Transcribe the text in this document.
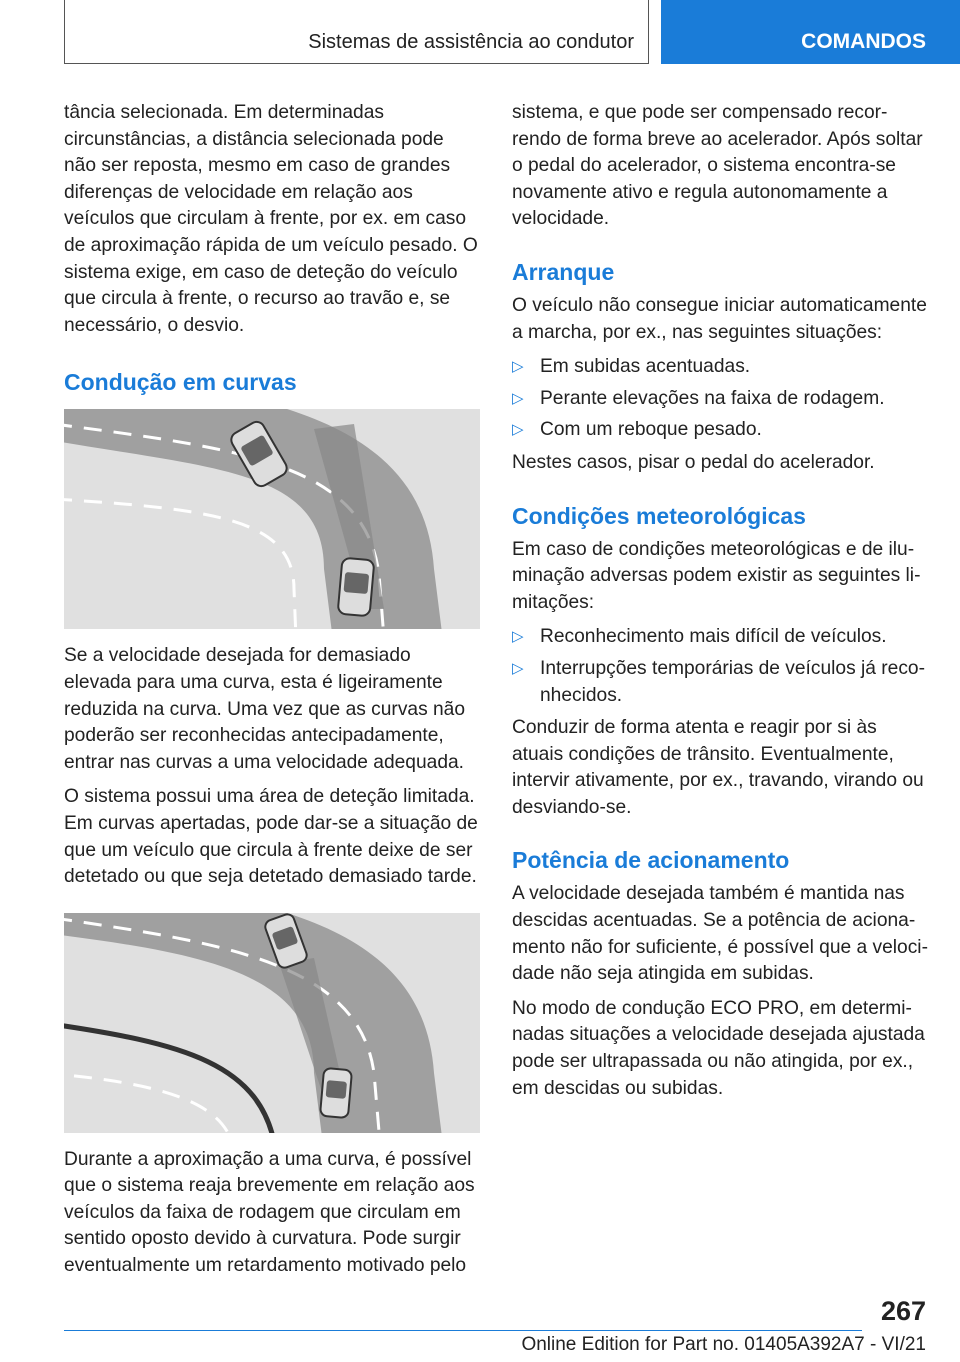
Sistemas de assistência ao condutor	COMANDOS

tância selecionada. Em determinadas circunstâncias, a distância selecionada pode não ser reposta, mesmo em caso de grandes diferenças de velocidade em relação aos veículos que circulam à frente, por ex. em caso de aproximação rápida de um veículo pesado. O sistema exige, em caso de deteção do veículo que circula à frente, o recurso ao travão e, se necessário, o desvio.

Condução em curvas

Se a velocidade desejada for demasiado elevada para uma curva, esta é ligeiramente reduzida na curva. Uma vez que as curvas não poderão ser reconhecidas antecipadamente, entrar nas curvas a uma velocidade adequada.

O sistema possui uma área de deteção limitada. Em curvas apertadas, pode dar-se a situação de que um veículo que circula à frente deixe de ser detetado ou que seja detetado demasiado tarde.

Durante a aproximação a uma curva, é possível que o sistema reaja brevemente em relação aos veículos da faixa de rodagem que circulam em sentido oposto devido à curvatura. Pode surgir eventualmente um retardamento motivado pelo

sistema, e que pode ser compensado recorrendo de forma breve ao acelerador. Após soltar o pedal do acelerador, o sistema encontra-se novamente ativo e regula autonomamente a velocidade.

Arranque

O veículo não consegue iniciar automaticamente a marcha, por ex., nas seguintes situações:

▷ Em subidas acentuadas.
▷ Perante elevações na faixa de rodagem.
▷ Com um reboque pesado.

Nestes casos, pisar o pedal do acelerador.

Condições meteorológicas

Em caso de condições meteorológicas e de iluminação adversas podem existir as seguintes limitações:

▷ Reconhecimento mais difícil de veículos.
▷ Interrupções temporárias de veículos já reconhecidos.

Conduzir de forma atenta e reagir por si às atuais condições de trânsito. Eventualmente, intervir ativamente, por ex., travando, virando ou desviando-se.

Potência de acionamento

A velocidade desejada também é mantida nas descidas acentuadas. Se a potência de acionamento não for suficiente, é possível que a velocidade não seja atingida em subidas.

No modo de condução ECO PRO, em determinadas situações a velocidade desejada ajustada pode ser ultrapassada ou não atingida, por ex., em descidas ou subidas.

267
Online Edition for Part no. 01405A392A7 - VI/21
